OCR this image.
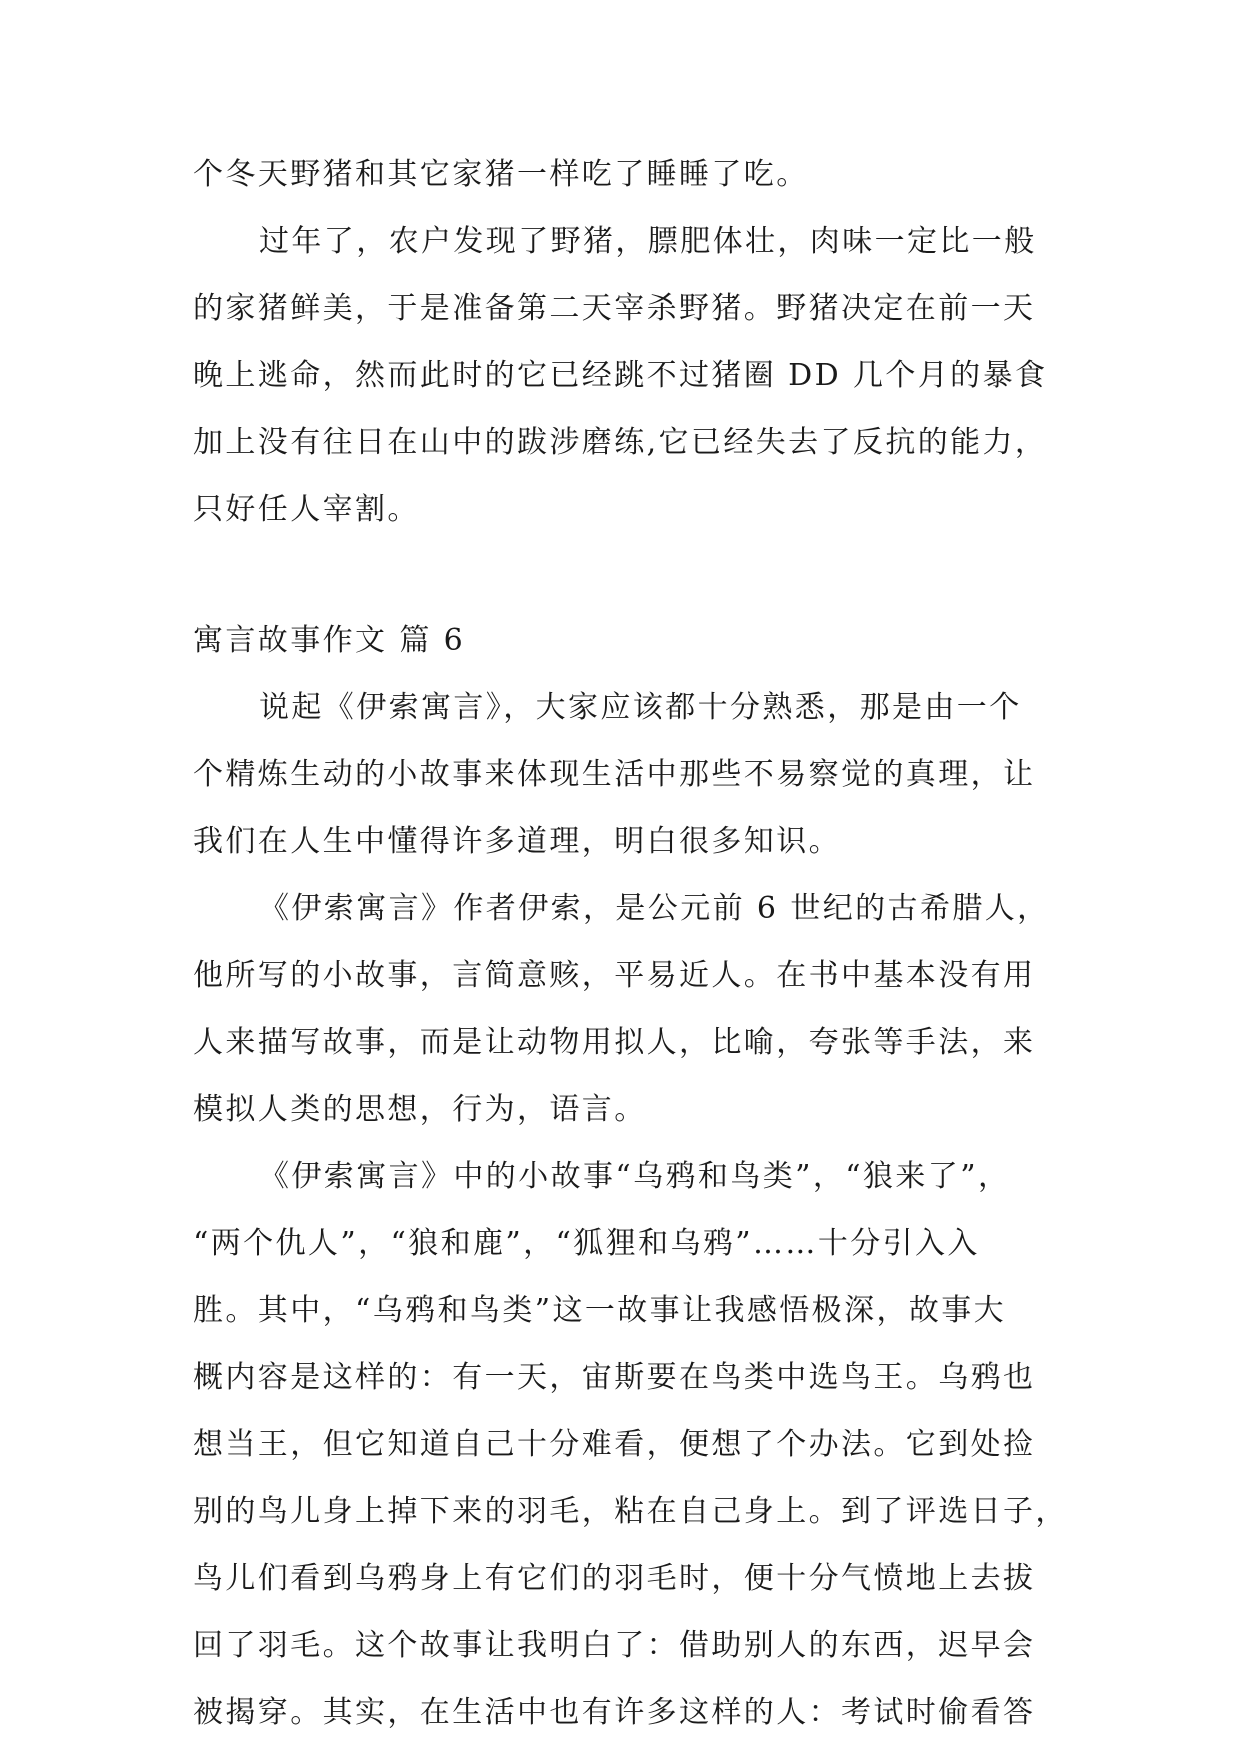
个冬天野猪和其它家猪一样吃了睡睡了吃。
过年了，农户发现了野猪，膘肥体壮，肉味一定比一般
的家猪鲜美，于是准备第二天宰杀野猪。野猪决定在前一天
晚上逃命，然而此时的它已经跳不过猪圈 DD 几个月的暴食
加上没有往日在山中的跋涉磨练,它已经失去了反抗的能力，
只好任人宰割。
寓言故事作文 篇 6
说起《伊索寓言》，大家应该都十分熟悉，那是由一个
个精炼生动的小故事来体现生活中那些不易察觉的真理，让
我们在人生中懂得许多道理，明白很多知识。
《伊索寓言》作者伊索，是公元前 6 世纪的古希腊人，
他所写的小故事，言简意赅，平易近人。在书中基本没有用
人来描写故事，而是让动物用拟人，比喻，夸张等手法，来
模拟人类的思想，行为，语言。
《伊索寓言》中的小故事“乌鸦和鸟类”，“狼来了”，
“两个仇人”，“狼和鹿”，“狐狸和乌鸦”……十分引入入
胜。其中，“乌鸦和鸟类”这一故事让我感悟极深，故事大
概内容是这样的：有一天，宙斯要在鸟类中选鸟王。乌鸦也
想当王，但它知道自己十分难看，便想了个办法。它到处捡
别的鸟儿身上掉下来的羽毛，粘在自己身上。到了评选日子，
鸟儿们看到乌鸦身上有它们的羽毛时，便十分气愤地上去拔
回了羽毛。这个故事让我明白了：借助别人的东西，迟早会
被揭穿。其实，在生活中也有许多这样的人：考试时偷看答
